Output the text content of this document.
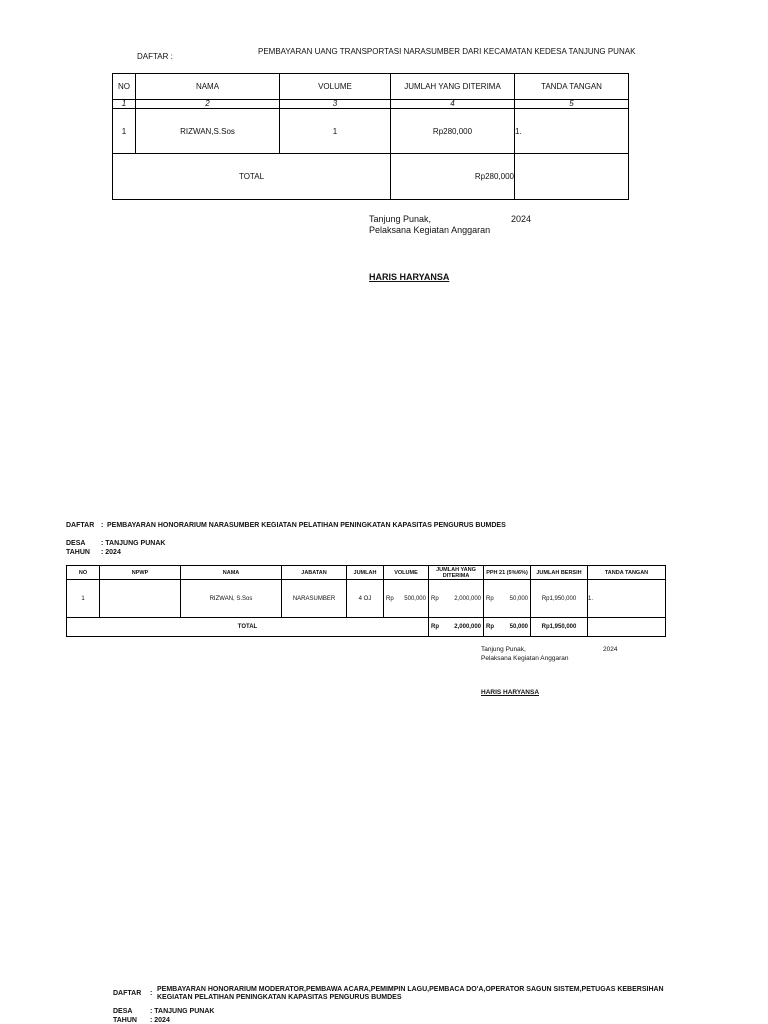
DAFTAR :
PEMBAYARAN UANG TRANSPORTASI NARASUMBER DARI KECAMATAN KEDESA TANJUNG PUNAK
NO	NAMA	VOLUME	JUMLAH YANG DITERIMA	TANDA TANGAN
1	2	3	4	5
1	RIZWAN,S.Sos	1	Rp280,000	1.
TOTAL			Rp280,000	
Tanjung Punak,	2024
Pelaksana Kegiatan Anggaran
HARIS HARYANSA
DAFTAR : PEMBAYARAN HONORARIUM NARASUMBER KEGIATAN PELATIHAN PENINGKATAN KAPASITAS PENGURUS BUMDES
DESA : TANJUNG PUNAK
TAHUN : 2024
NO	NPWP	NAMA	JABATAN	JUMLAH	VOLUME	JUMLAH YANG DITERIMA	PPH 21 (5%/6%)	JUMLAH BERSIH	TANDA TANGAN
1		RIZWAN, S.Sos	NARASUMBER	4 OJ	Rp 500,000	Rp 2,000,000	Rp 50,000	Rp1,950,000	1.
TOTAL						Rp 2,000,000	Rp 50,000	Rp1,950,000	
Tanjung Punak,	2024
Pelaksana Kegiatan Anggaran
HARIS HARYANSA
DAFTAR :
PEMBAYARAN HONORARIUM MODERATOR,PEMBAWA ACARA,PEMIMPIN LAGU,PEMBACA DO'A,OPERATOR SAGUN SISTEM,PETUGAS KEBERSIHAN
KEGIATAN PELATIHAN PENINGKATAN KAPASITAS PENGURUS BUMDES
DESA	: TANJUNG PUNAK
TAHUN : 2024
